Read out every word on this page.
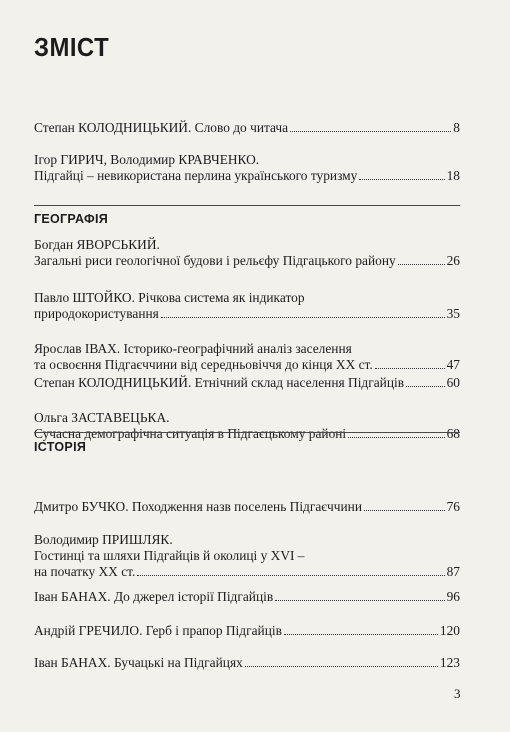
ЗМІСТ
Степан КОЛОДНИЦЬКИЙ. Слово до читача	8
Ігор ГИРИЧ, Володимир КРАВЧЕНКО.
Підгайці – невикористана перлина українського туризму	18
Богдан ЯВОРСЬКИЙ.
Загальні риси геологічної будови і рельєфу Підгацького району	26
Павло ШТОЙКО. Річкова система як індикатор
природокористування	35
Ярослав ІВАХ. Історико-географічний аналіз заселення
та освоєння Підгаєччини від середньовіччя до кінця XX ст.	47
Степан КОЛОДНИЦЬКИЙ. Етнічний склад населення Підгайців	60
Ольга ЗАСТАВЕЦЬКА.
Сучасна демографічна ситуація в Підгаєцькому районі	68
Дмитро БУЧКО. Походження назв поселень Підгаєччини	76
Володимир ПРИШЛЯК.
Гостинці та шляхи Підгайців й околиці у XVI –
на початку XX ст.	87
Іван БАНАХ. До джерел історії Підгайців	96
Андрій ГРЕЧИЛО. Герб і прапор Підгайців	120
Іван БАНАХ. Бучацькі на Підгайцях	123
ГЕОГРАФІЯ
ІСТОРІЯ
3
